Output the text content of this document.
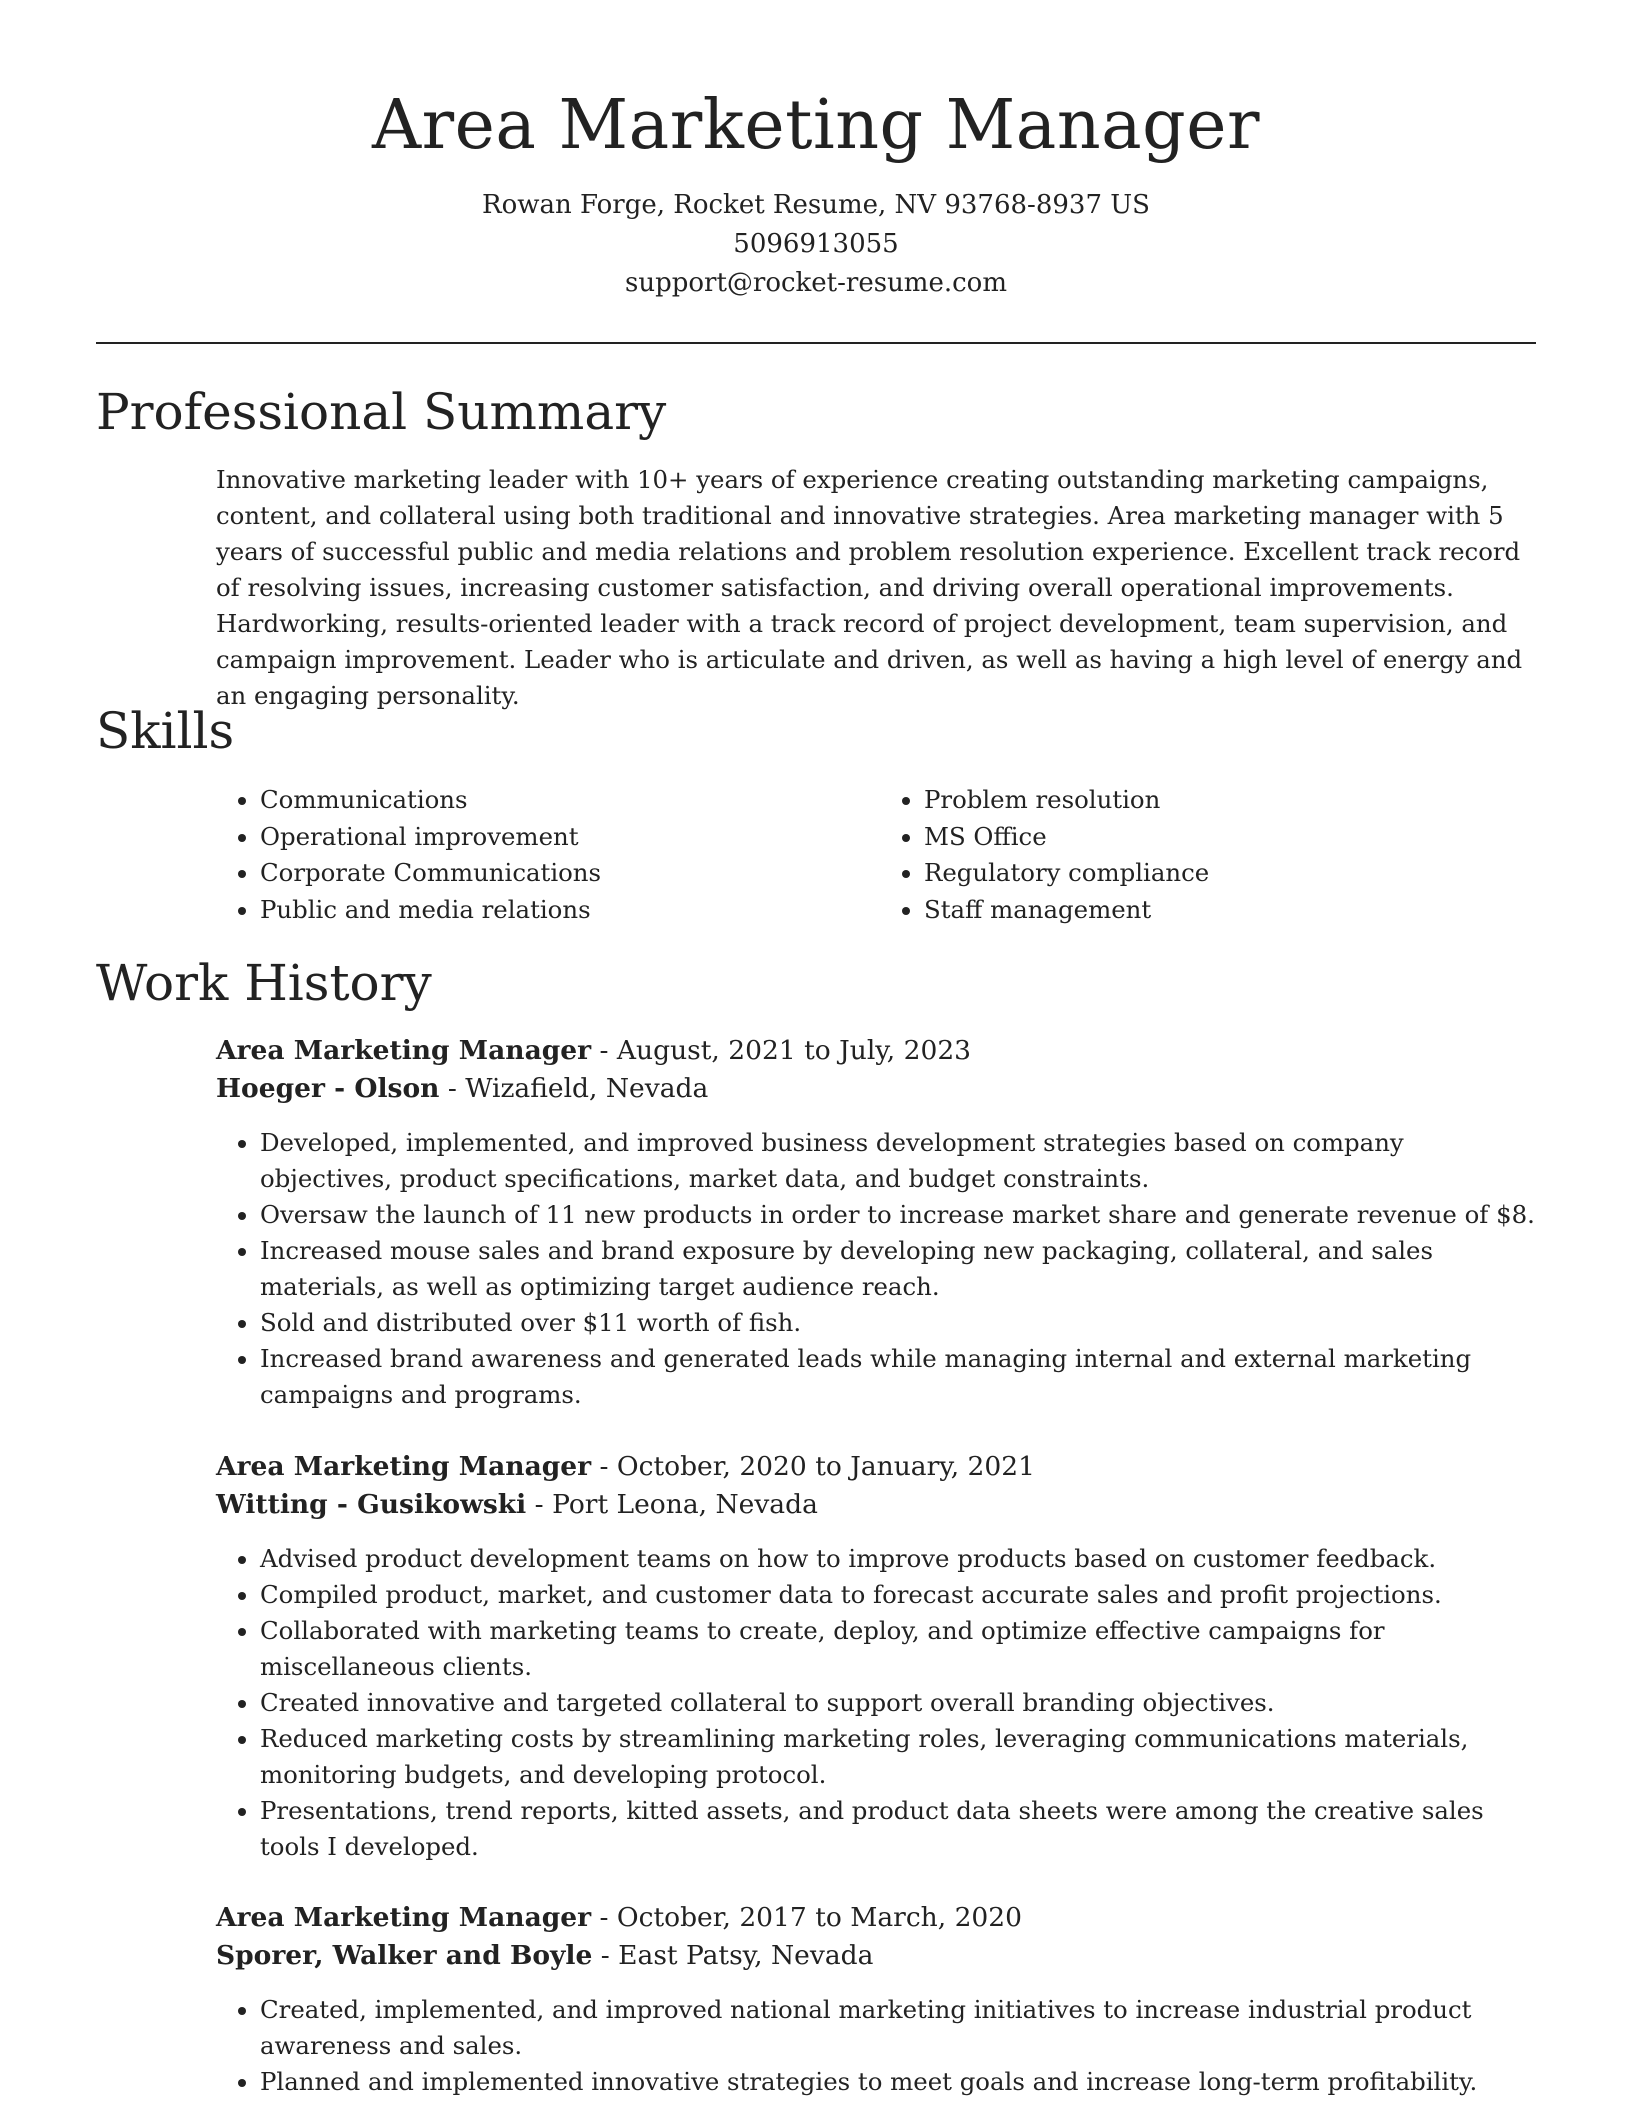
Area Marketing Manager
Rowan Forge, Rocket Resume, NV 93768-8937 US
5096913055
support@rocket-resume.com
Professional Summary
Innovative marketing leader with 10+ years of experience creating outstanding marketing campaigns, content, and collateral using both traditional and innovative strategies. Area marketing manager with 5 years of successful public and media relations and problem resolution experience. Excellent track record of resolving issues, increasing customer satisfaction, and driving overall operational improvements. Hardworking, results-oriented leader with a track record of project development, team supervision, and campaign improvement. Leader who is articulate and driven, as well as having a high level of energy and an engaging personality.
Skills
• Communications
• Operational improvement
• Corporate Communications
• Public and media relations
• Problem resolution
• MS Office
• Regulatory compliance
• Staff management
Work History
Area Marketing Manager - August, 2021 to July, 2023
Hoeger - Olson - Wizafield, Nevada
• Developed, implemented, and improved business development strategies based on company objectives, product specifications, market data, and budget constraints.
• Oversaw the launch of 11 new products in order to increase market share and generate revenue of $8.
• Increased mouse sales and brand exposure by developing new packaging, collateral, and sales materials, as well as optimizing target audience reach.
• Sold and distributed over $11 worth of fish.
• Increased brand awareness and generated leads while managing internal and external marketing campaigns and programs.
Area Marketing Manager - October, 2020 to January, 2021
Witting - Gusikowski - Port Leona, Nevada
• Advised product development teams on how to improve products based on customer feedback.
• Compiled product, market, and customer data to forecast accurate sales and profit projections.
• Collaborated with marketing teams to create, deploy, and optimize effective campaigns for miscellaneous clients.
• Created innovative and targeted collateral to support overall branding objectives.
• Reduced marketing costs by streamlining marketing roles, leveraging communications materials, monitoring budgets, and developing protocol.
• Presentations, trend reports, kitted assets, and product data sheets were among the creative sales tools I developed.
Area Marketing Manager - October, 2017 to March, 2020
Sporer, Walker and Boyle - East Patsy, Nevada
• Created, implemented, and improved national marketing initiatives to increase industrial product awareness and sales.
• Planned and implemented innovative strategies to meet goals and increase long-term profitability.
